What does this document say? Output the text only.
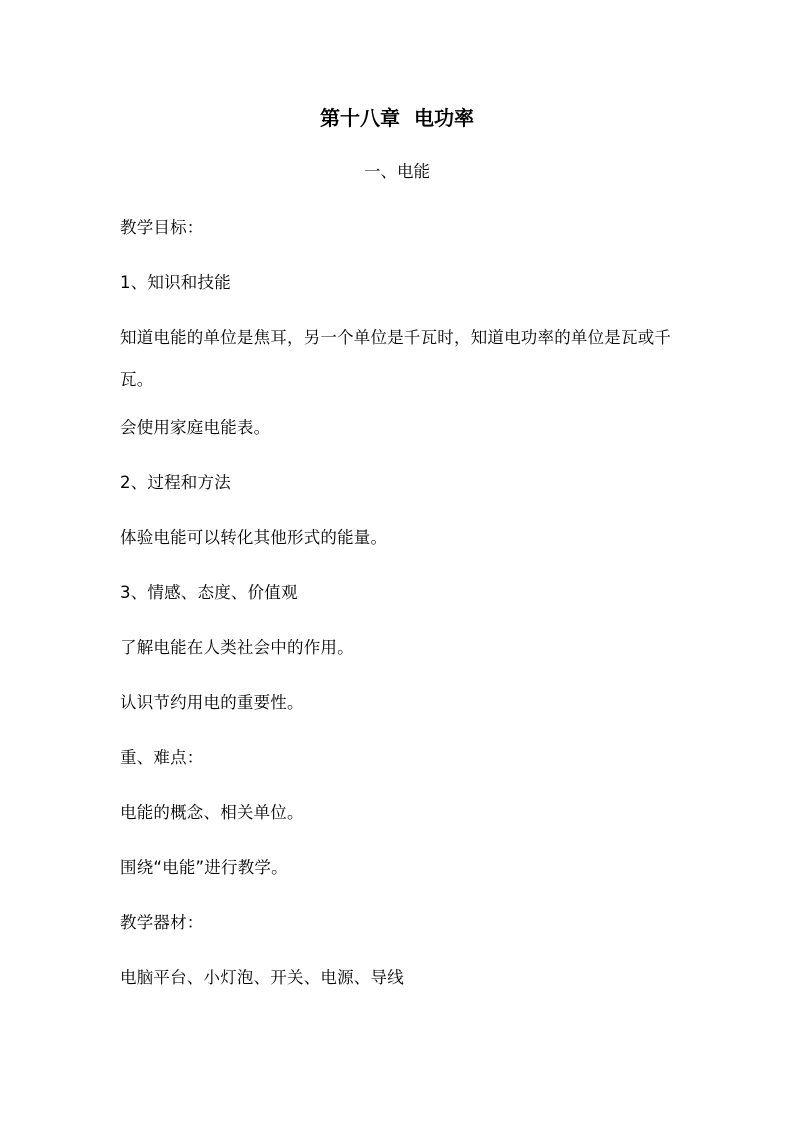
第十八章  电功率
一、电能

教学目标：

1、知识和技能

知道电能的单位是焦耳，另一个单位是千瓦时，知道电功率的单位是瓦或千瓦。

会使用家庭电能表。

2、过程和方法

体验电能可以转化其他形式的能量。

3、情感、态度、价值观

了解电能在人类社会中的作用。

认识节约用电的重要性。

重、难点：

电能的概念、相关单位。

围绕“电能”进行教学。

教学器材：

电脑平台、小灯泡、开关、电源、导线
